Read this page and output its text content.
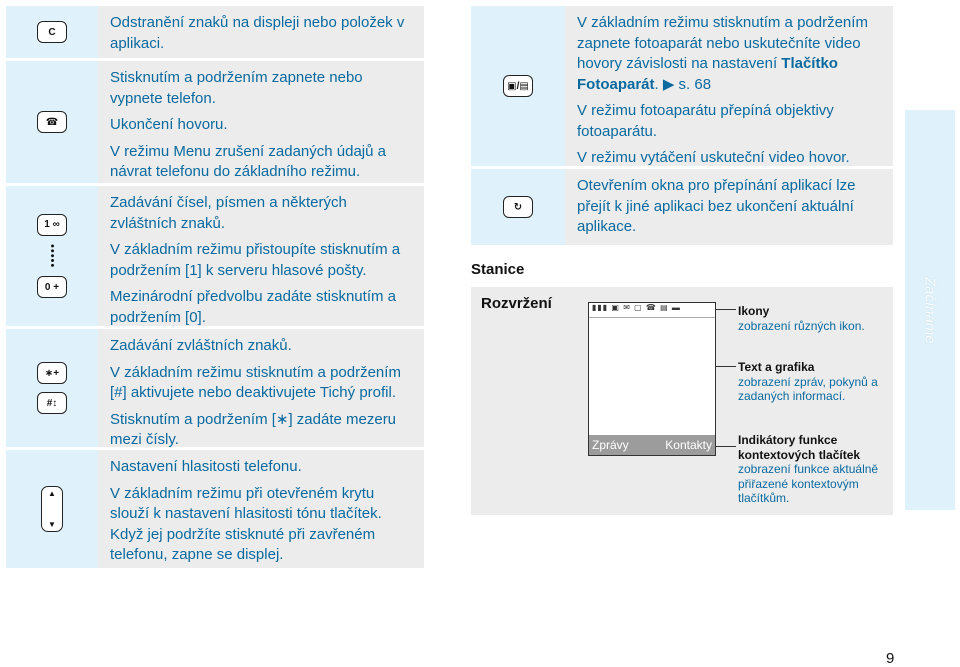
C

Odstranění znaků na displeji nebo položek v aplikaci.

☎

Stisknutím a podržením zapnete nebo vypnete telefon.

Ukončení hovoru.

V režimu Menu zrušení zadaných údajů a návrat telefonu do základního režimu.

1 ∞
•••••
0 +

Zadávání čísel, písmen a některých zvláštních znaků.

V základním režimu přistoupíte stisknutím a podržením [1] k serveru hlasové pošty.

Mezinárodní předvolbu zadáte stisknutím a podržením [0].

∗+
#↕

Zadávání zvláštních znaků.

V základním režimu stisknutím a podržením [#] aktivujete nebo deaktivujete Tichý profil.

Stisknutím a podržením [∗] zadáte mezeru mezi čísly.

▲
▼

Nastavení hlasitosti telefonu.

V základním režimu při otevřeném krytu slouží k nastavení hlasitosti tónu tlačítek. Když jej podržíte stisknuté při zavřeném telefonu, zapne se displej.

▣/▤

V základním režimu stisknutím a podržením zapnete fotoaparát nebo uskutečníte video hovory závislosti na nastavení Tlačítko Fotoaparát. ▶ s. 68

V režimu fotoaparátu přepíná objektivy fotoaparátu.

V režimu vytáčení uskuteční video hovor.

↻

Otevřením okna pro přepínání aplikací lze přejít k jiné aplikaci bez ukončení aktuální aplikace.

Stanice
Rozvržení	▮▮▮ ▣ ✉ ▢ ☎ ▤ ▬
Zprávy	Kontakty
Ikony
zobrazení různých ikon.
Text a grafika
zobrazení zpráv, pokynů a zadaných informací.
Indikátory funkce kontextových tlačítek
zobrazení funkce aktuálně přiřazené kontextovým tlačítkům.
Začínáme
9
